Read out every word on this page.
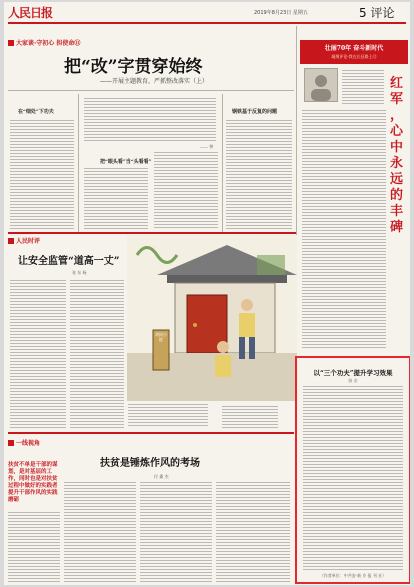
人民日报	2019年8月23日 星期五	5 评论
大家谈·守初心 担使命⑪
把“改”字贯穿始终
——开展主题教育，严抓整改落实（上）
在“细处”下功夫
—— 钟
把“眼头看”当“头看看”
钢铁基于反复的问题
壮丽70年 奋斗新时代
凝聚评论·我在长征路上⑫
红军，心中永远的丰碑
人民时评
让安全监管“道高一丈”
张 东 杨
胡同小院
以“三个功夫”提升学习效果
骆 安
（作者单位：中共安·新 乡 报 刊 社）
一线视角
扶贫是锤炼作风的考场
付 桑 杰
扶贫不单是干部的谋划，是对基层的工作，同时也是对扶贫过程中做好的实践者提升干部作风的实践磨砺
